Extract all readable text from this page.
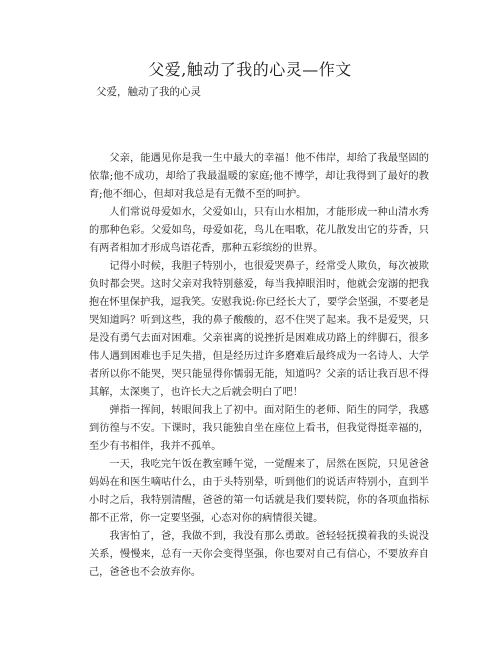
父爱,触动了我的心灵—作文
父爱，触动了我的心灵

父亲，能遇见你是我一生中最大的幸福！他不伟岸，却给了我最坚固的依靠;他不成功，却给了我最温暖的家庭;他不博学，却让我得到了最好的教育;他不细心，但却对我总是有无微不至的呵护。

人们常说母爱如水，父爱如山，只有山水相加，才能形成一种山清水秀的那种色彩。父爱如鸟，母爱如花，鸟儿在唱歌，花儿散发出它的芬香，只有两者相加才形成鸟语花香，那种五彩缤纷的世界。

记得小时候，我胆子特别小，也很爱哭鼻子，经常受人欺负，每次被欺负时都会哭。这时父亲对我特别慈爱，每当我掉眼泪时，他就会宠溺的把我抱在怀里保护我，逗我笑。安慰我说:你已经长大了，要学会坚强，不要老是哭知道吗？听到这些，我的鼻子酸酸的，忍不住哭了起来。我不是爱哭，只是没有勇气去面对困难。父亲崔离的说挫折是困难成功路上的绊脚石，很多伟人遇到困难也手足失措，但是经历过许多磨难后最终成为一名诗人、大学者所以你不能哭，哭只能显得你懦弱无能，知道吗？父亲的话让我百思不得其解，太深奥了，也许长大之后就会明白了吧！

弹指一挥间，转眼间我上了初中。面对陌生的老师、陌生的同学，我感到彷徨与不安。下课时，我只能独自坐在座位上看书，但我觉得挺幸福的，至少有书相伴，我并不孤单。

一天，我吃完午饭在教室睡午觉，一觉醒来了，居然在医院，只见爸爸妈妈在和医生嘀咕什么，由于头特别晕，听到他们的说话声特别小，直到半小时之后，我特别清醒，爸爸的第一句话就是我们要转院，你的各项血指标都不正常，你一定要坚强，心态对你的病情很关键。

我害怕了，爸，我做不到，我没有那么勇敢。爸轻轻抚摸着我的头说没关系，慢慢来，总有一天你会变得坚强，你也要对自己有信心，不要放弃自己，爸爸也不会放弃你。
